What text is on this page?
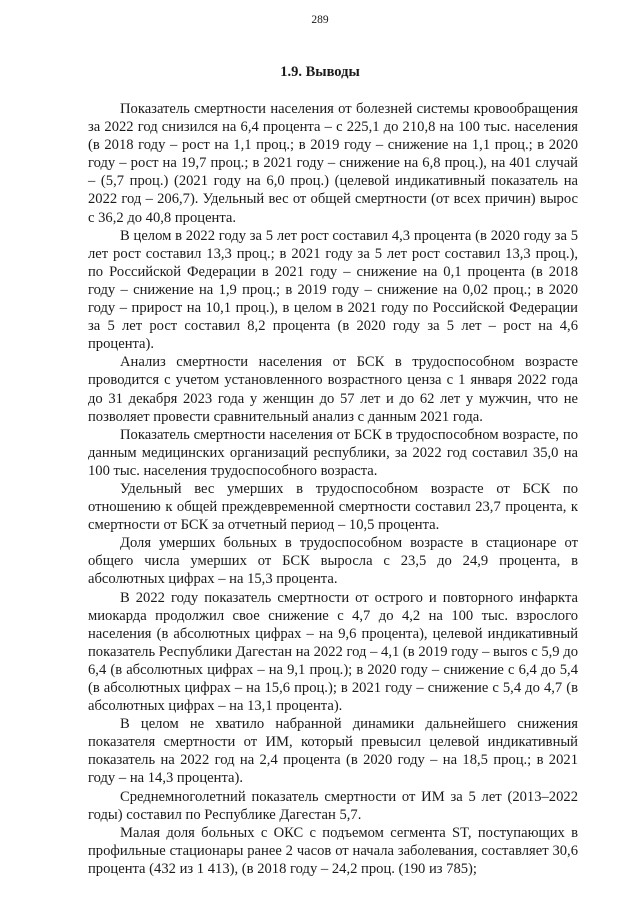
289
1.9. Выводы

Показатель смертности населения от болезней системы кровообращения за 2022 год снизился на 6,4 процента – с 225,1 до 210,8 на 100 тыс. населения (в 2018 году – рост на 1,1 проц.; в 2019 году – снижение на 1,1 проц.; в 2020 году – рост на 19,7 проц.; в 2021 году – снижение на 6,8 проц.), на 401 случай – (5,7 проц.) (2021 году на 6,0 проц.) (целевой индикативный показатель на 2022 год – 206,7). Удельный вес от общей смертности (от всех причин) вырос с 36,2 до 40,8 процента.

В целом в 2022 году за 5 лет рост составил 4,3 процента (в 2020 году за 5 лет рост составил 13,3 проц.; в 2021 году за 5 лет рост составил 13,3 проц.), по Российской Федерации в 2021 году – снижение на 0,1 процента (в 2018 году – снижение на 1,9 проц.; в 2019 году – снижение на 0,02 проц.; в 2020 году – прирост на 10,1 проц.), в целом в 2021 году по Российской Федерации за 5 лет рост составил 8,2 процента (в 2020 году за 5 лет – рост на 4,6 процента).

Анализ смертности населения от БСК в трудоспособном возрасте проводится с учетом установленного возрастного ценза с 1 января 2022 года до 31 декабря 2023 года у женщин до 57 лет и до 62 лет у мужчин, что не позволяет провести сравнительный анализ с данным 2021 года.

Показатель смертности населения от БСК в трудоспособном возрасте, по данным медицинских организаций республики, за 2022 год составил 35,0 на 100 тыс. населения трудоспособного возраста.

Удельный вес умерших в трудоспособном возрасте от БСК по отношению к общей преждевременной смертности составил 23,7 процента, к смертности от БСК за отчетный период – 10,5 процента.

Доля умерших больных в трудоспособном возрасте в стационаре от общего числа умерших от БСК выросла с 23,5 до 24,9 процента, в абсолютных цифрах – на 15,3 процента.

В 2022 году показатель смертности от острого и повторного инфаркта миокарда продолжил свое снижение с 4,7 до 4,2 на 100 тыс. взрослого населения (в абсолютных цифрах – на 9,6 процента), целевой индикативный показатель Республики Дагестан на 2022 год – 4,1 (в 2019 году – выros с 5,9 до 6,4 (в абсолютных цифрах – на 9,1 проц.); в 2020 году – снижение с 6,4 до 5,4 (в абсолютных цифрах – на 15,6 проц.); в 2021 году – снижение с 5,4 до 4,7 (в абсолютных цифрах – на 13,1 процента).

В целом не хватило набранной динамики дальнейшего снижения показателя смертности от ИМ, который превысил целевой индикативный показатель на 2022 год на 2,4 процента (в 2020 году – на 18,5 проц.; в 2021 году – на 14,3 процента).

Среднемноголетний показатель смертности от ИМ за 5 лет (2013–2022 годы) составил по Республике Дагестан 5,7.

Малая доля больных с ОКС с подъемом сегмента ST, поступающих в профильные стационары ранее 2 часов от начала заболевания, составляет 30,6 процента (432 из 1 413), (в 2018 году – 24,2 проц. (190 из 785);
